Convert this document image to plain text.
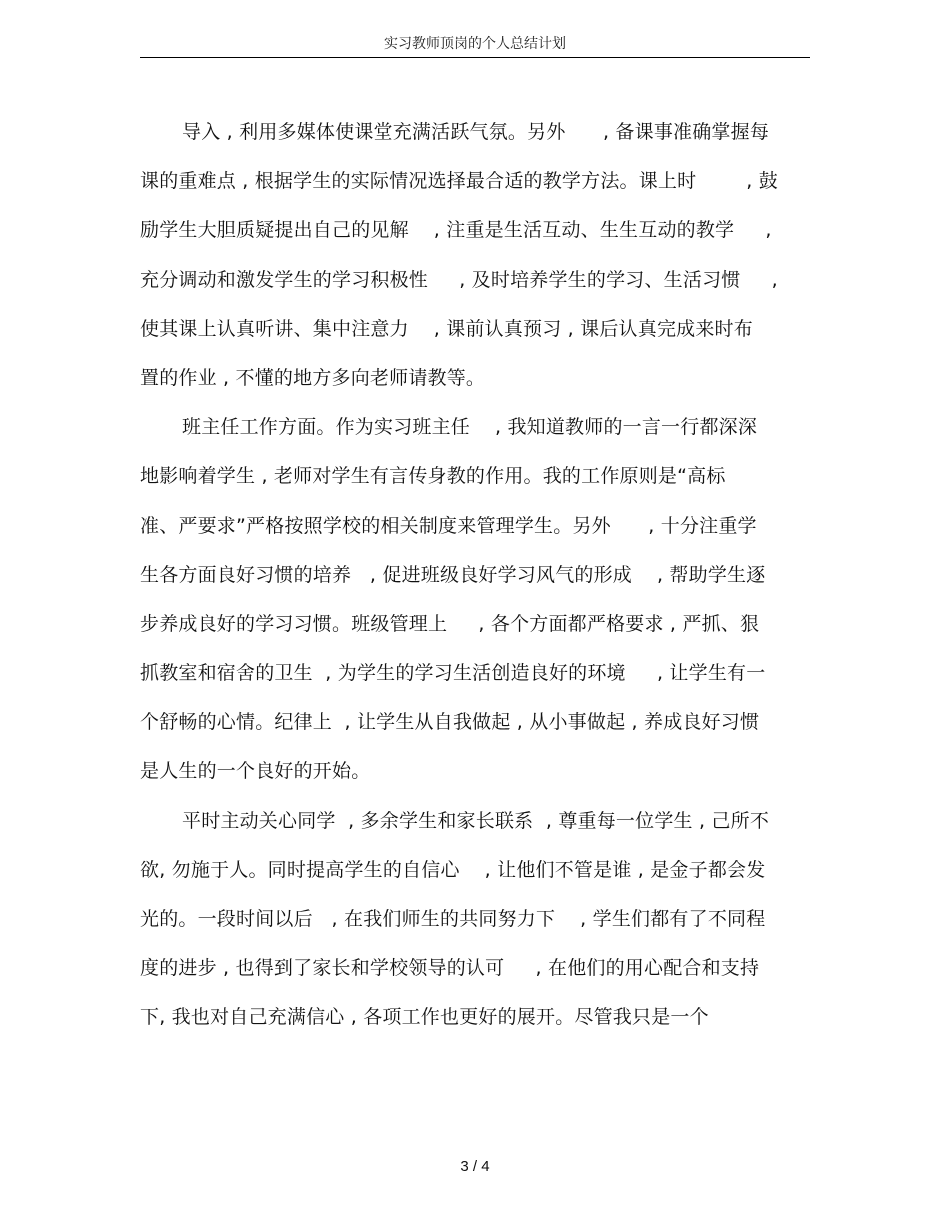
实习教师顶岗的个人总结计划
导入 , 利用多媒体使课堂充满活跃气氛。另外      , 备课事准确掌握每
课的重难点 , 根据学生的实际情况选择最合适的教学方法。课上时        , 鼓
励学生大胆质疑提出自己的见解    , 注重是生活互动、生生互动的教学     ,
充分调动和激发学生的学习积极性     , 及时培养学生的学习、生活习惯     ,
使其课上认真听讲、集中注意力    , 课前认真预习 , 课后认真完成来时布
置的作业 , 不懂的地方多向老师请教等。
班主任工作方面。作为实习班主任    , 我知道教师的一言一行都深深
地影响着学生 , 老师对学生有言传身教的作用。我的工作原则是“高标
准、严要求”严格按照学校的相关制度来管理学生。另外      , 十分注重学
生各方面良好习惯的培养   , 促进班级良好学习风气的形成    , 帮助学生逐
步养成良好的学习习惯。班级管理上     , 各个方面都严格要求 , 严抓、狠
抓教室和宿舍的卫生  , 为学生的学习生活创造良好的环境     , 让学生有一
个舒畅的心情。纪律上  , 让学生从自我做起 , 从小事做起 , 养成良好习惯
是人生的一个良好的开始。
平时主动关心同学  , 多余学生和家长联系  , 尊重每一位学生 , 己所不
欲, 勿施于人。同时提高学生的自信心    , 让他们不管是谁 , 是金子都会发
光的。一段时间以后   , 在我们师生的共同努力下    , 学生们都有了不同程
度的进步 , 也得到了家长和学校领导的认可     , 在他们的用心配合和支持
下, 我也对自己充满信心 , 各项工作也更好的展开。尽管我只是一个
3 / 4
